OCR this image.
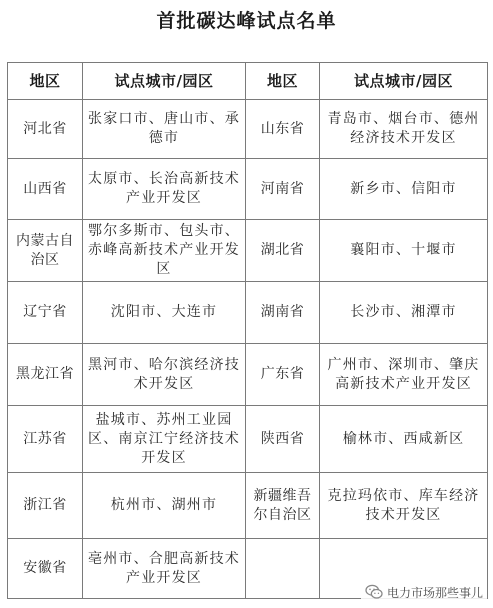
首批碳达峰试点名单
地区	试点城市/园区	地区	试点城市/园区
河北省	张家口市、唐山市、承德市	山东省	青岛市、烟台市、德州经济技术开发区
山西省	太原市、长治高新技术产业开发区	河南省	新乡市、信阳市
内蒙古自治区	鄂尔多斯市、包头市、赤峰高新技术产业开发区	湖北省	襄阳市、十堰市
辽宁省	沈阳市、大连市	湖南省	长沙市、湘潭市
黑龙江省	黑河市、哈尔滨经济技术开发区	广东省	广州市、深圳市、肇庆高新技术产业开发区
江苏省	盐城市、苏州工业园区、南京江宁经济技术开发区	陕西省	榆林市、西咸新区
浙江省	杭州市、湖州市	新疆维吾尔自治区	克拉玛依市、库车经济技术开发区
安徽省	亳州市、合肥高新技术产业开发区		
电力市场那些事儿
